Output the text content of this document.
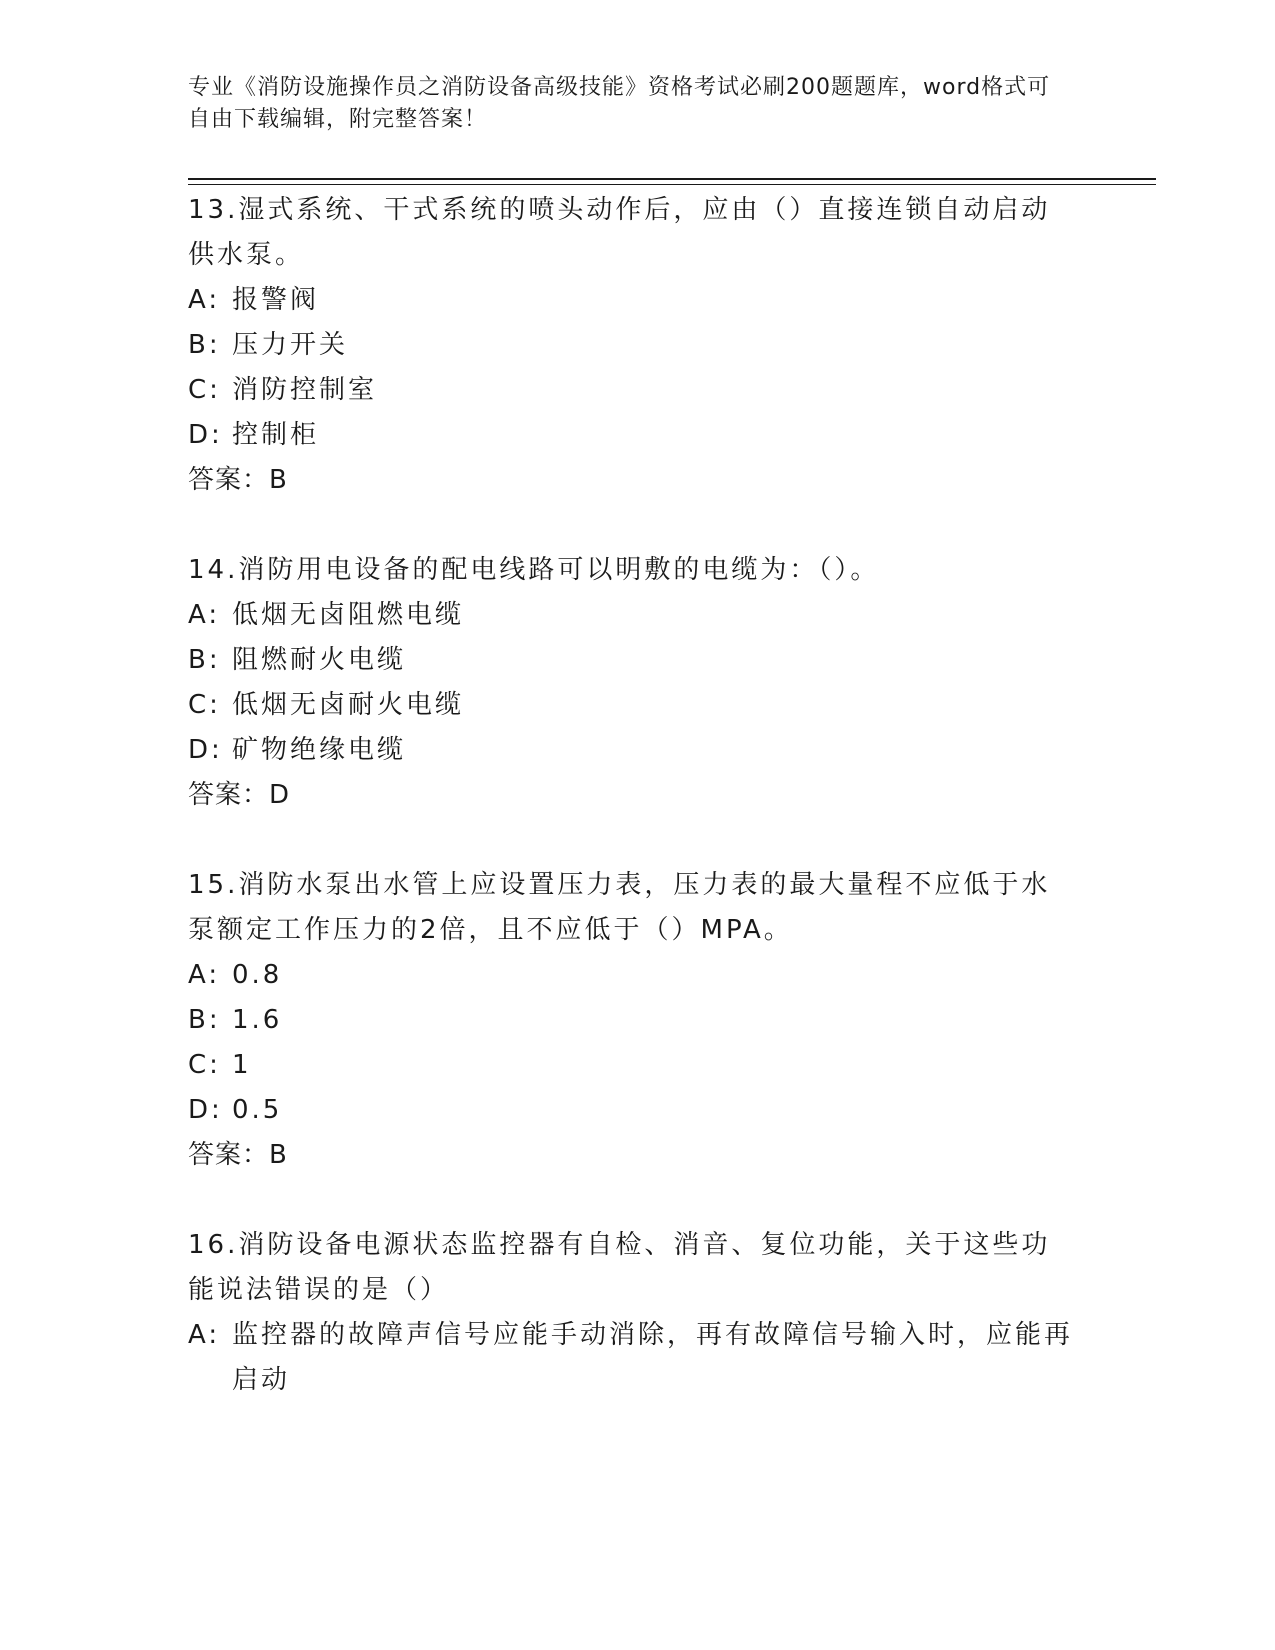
专业《消防设施操作员之消防设备高级技能》资格考试必刷200题题库，word格式可自由下载编辑，附完整答案！

13.湿式系统、干式系统的喷头动作后，应由（）直接连锁自动启动供水泵。

A: 报警阀
B: 压力开关
C: 消防控制室
D: 控制柜
答案：B

14.消防用电设备的配电线路可以明敷的电缆为：（）。

A: 低烟无卤阻燃电缆
B: 阻燃耐火电缆
C: 低烟无卤耐火电缆
D: 矿物绝缘电缆
答案：D

15.消防水泵出水管上应设置压力表，压力表的最大量程不应低于水泵额定工作压力的2倍，且不应低于（）MPA。

A: 0.8
B: 1.6
C: 1
D: 0.5
答案：B

16.消防设备电源状态监控器有自检、消音、复位功能，关于这些功能说法错误的是（）

A: 监控器的故障声信号应能手动消除，再有故障信号输入时，应能再启动
